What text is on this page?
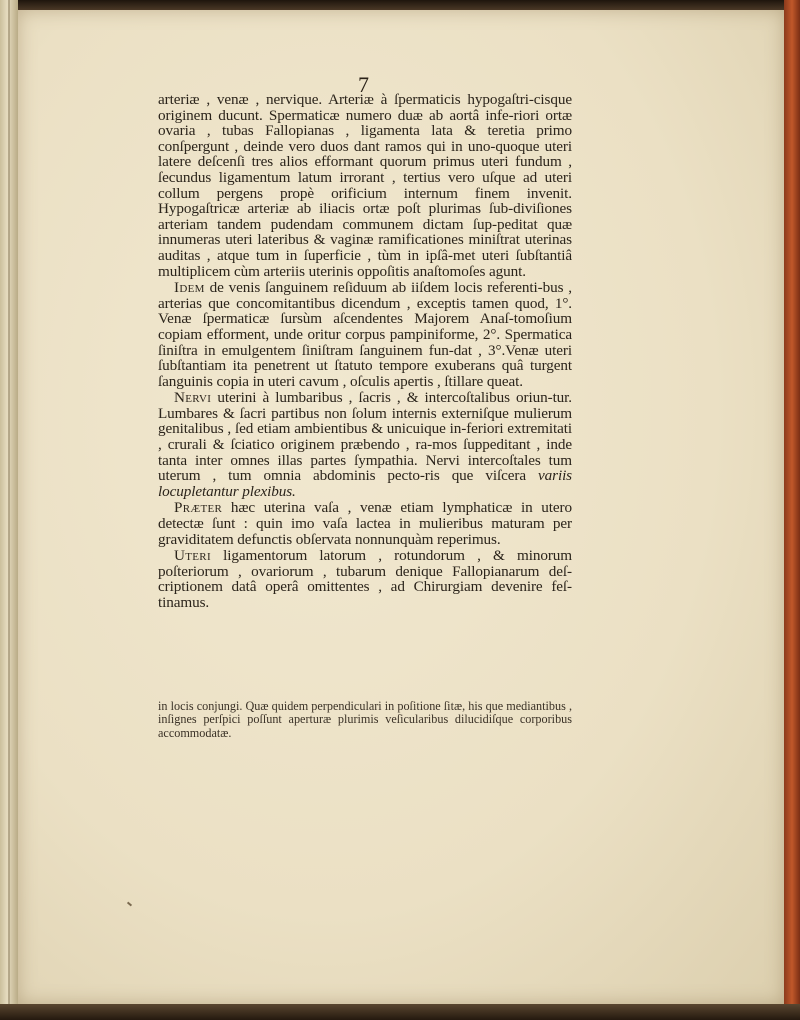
7

arteriæ , venæ , nervique. Arteriæ à ſpermaticis hypogaſtri-cisque originem ducunt. Spermaticæ numero duæ ab aortâ infe-riori ortæ ovaria , tubas Fallopianas , ligamenta lata & teretia primo conſpergunt , deinde vero duos dant ramos qui in uno-quoque uteri latere deſcenſi tres alios efformant quorum primus uteri fundum , ſecundus ligamentum latum irrorant , tertius vero uſque ad uteri collum pergens propè orificium internum finem invenit. Hypogaſtricæ arteriæ ab iliacis ortæ poſt plurimas ſub-diviſiones arteriam tandem pudendam communem dictam ſup-peditat quæ innumeras uteri lateribus & vaginæ ramificationes miniſtrat uterinas auditas , atque tum in ſuperficie , tùm in ipſâ-met uteri ſubſtantiâ multiplicem cùm arteriis uterinis oppoſitis anaſtomoſes agunt.

Idem de venis ſanguinem reſiduum ab iiſdem locis referenti-bus , arterias que concomitantibus dicendum , exceptis tamen quod, 1°. Venæ ſpermaticæ ſursùm aſcendentes Majorem Anaſ-tomoſium copiam efforment, unde oritur corpus pampiniforme, 2°. Spermatica ſiniſtra in emulgentem ſiniſtram ſanguinem fun-dat , 3°.Venæ uteri ſubſtantiam ita penetrent ut ſtatuto tempore exuberans quâ turgent ſanguinis copia in uteri cavum , oſculis apertis , ſtillare queat.

Nervi uterini à lumbaribus , ſacris , & intercoſtalibus oriun-tur. Lumbares & ſacri partibus non ſolum internis externiſque mulierum genitalibus , ſed etiam ambientibus & unicuique in-feriori extremitati , crurali & ſciatico originem præbendo , ra-mos ſuppeditant , inde tanta inter omnes illas partes ſympathia. Nervi intercoſtales tum uterum , tum omnia abdominis pecto-ris que viſcera variis locupletantur plexibus.

Præter hæc uterina vaſa , venæ etiam lymphaticæ in utero detectæ ſunt : quin imo vaſa lactea in mulieribus maturam per graviditatem defunctis obſervata nonnunquàm reperimus.

Uteri ligamentorum latorum , rotundorum , & minorum poſteriorum , ovariorum , tubarum denique Fallopianarum deſ-criptionem datâ operâ omittentes , ad Chirurgiam devenire feſ-tinamus.

in locis conjungi. Quæ quidem perpendiculari in poſitione ſitæ, his que mediantibus , inſignes perſpici poſſunt aperturæ plurimis veſicularibus dilucidiſque corporibus accommodatæ.
